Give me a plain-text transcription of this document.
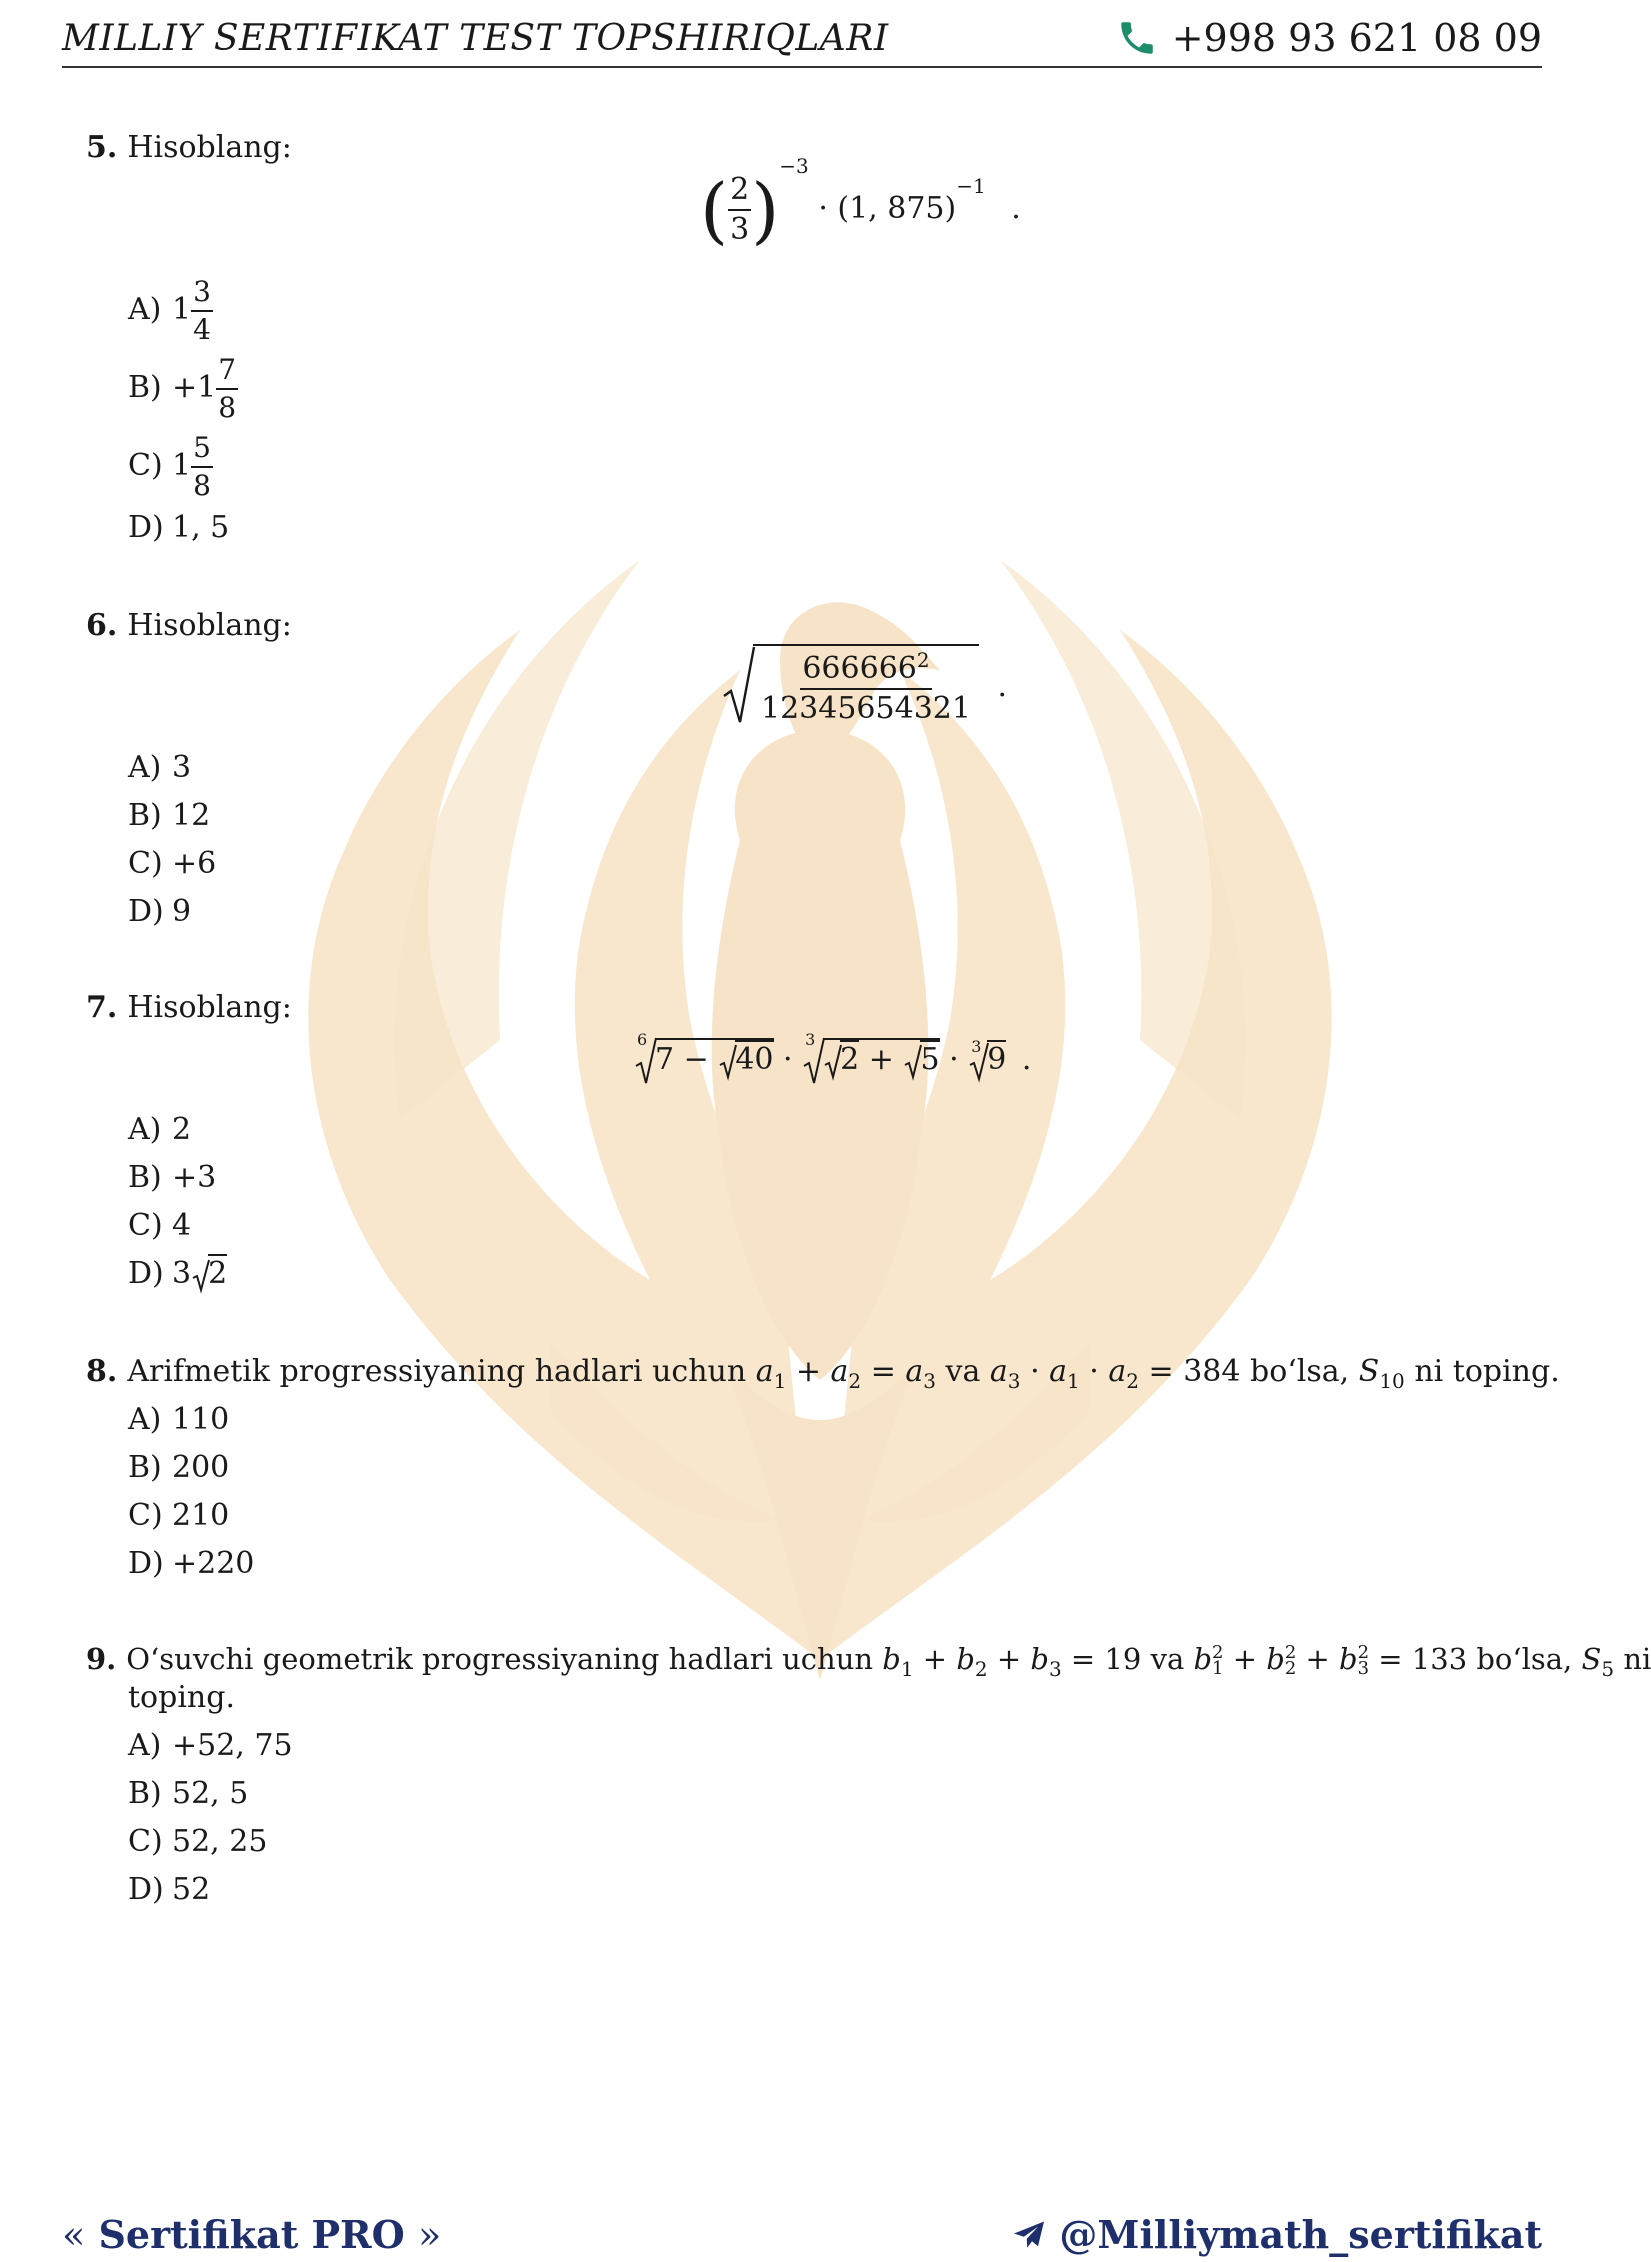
MILLIY SERTIFIKAT TEST TOPSHIRIQLARI	+998 93 621 08 09
5. Hisoblang:
( $\frac{2}{3} )^{-3} \cdot (1$, 875)$^{-1}$ .
A) $1 \frac{3}{4}$
$B) +1 \frac{7}{8}$
C) $1 \frac{5}{8}$
D) 1, 5
6. Hisoblang:
$\frac{666666^2}{12345654321}$ .
A) 3
B) 12
C) +6
D) 9
7. Hisoblang:
6
7 − 40 ·
3
2 + 5 · 3 9 .
A) 2
B) +3
C) 4
D) 3 2
8. Arifmetik progressiyaning hadlari uchun $a_1 + a_2 = a_3$ va $a_3 \cdot a_1 \cdot a_2 = 384$ bo‘lsa, $S_{10}$ ni toping.
A) 110
B) 200
C) 210
D) +220
9. O‘suvchi geometrik progressiyaning hadlari uchun $b_1 + b_2 + b_3 = 19$ va b 2
1 + b 2
2 + b 2
3 = 133 bo‘lsa, $S_5$ ni
toping.
A) +52, 75
B) 52, 5
C) 52, 25
D) 52
« Sertifikat PRO »	@Milliymath_sertifikat
